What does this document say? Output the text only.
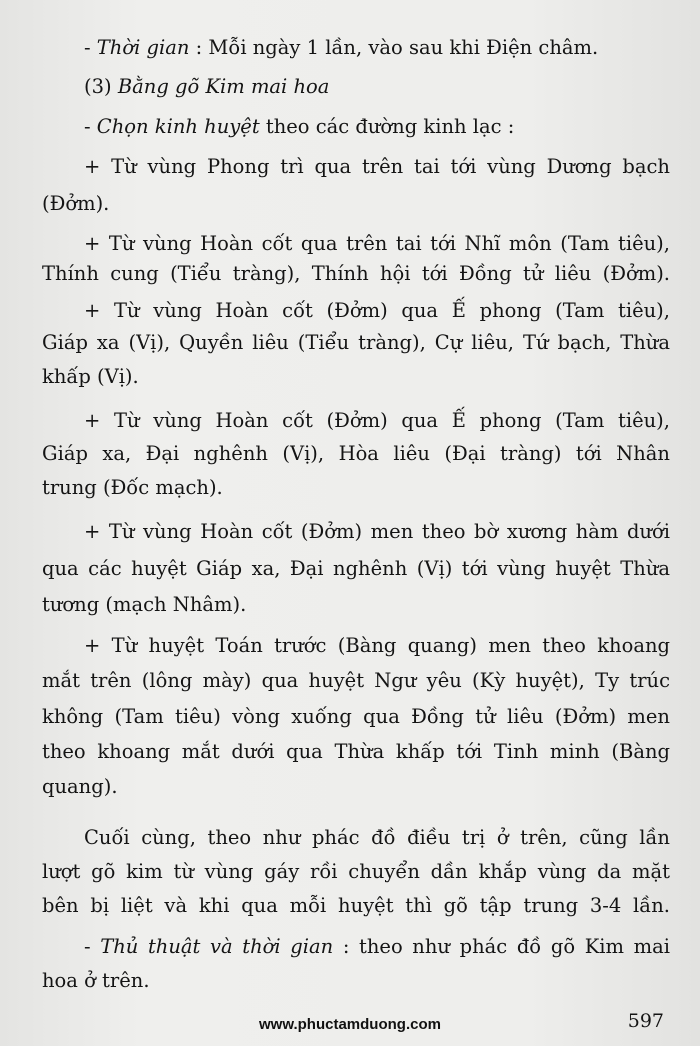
- Thời gian : Mỗi ngày 1 lần, vào sau khi Điện châm.
(3) Bằng gõ Kim mai hoa
- Chọn kinh huyệt theo các đường kinh lạc :
+ Từ vùng Phong trì qua trên tai tới vùng Dương bạch
(Đởm).
+ Từ vùng Hoàn cốt qua trên tai tới Nhĩ môn (Tam tiêu),
Thính cung (Tiểu tràng), Thính hội tới Đồng tử liêu (Đởm).
+ Từ vùng Hoàn cốt (Đởm) qua Ế phong (Tam tiêu),
Giáp xa (Vị), Quyền liêu (Tiểu tràng), Cự liêu, Tứ bạch, Thừa
khấp (Vị).
+ Từ vùng Hoàn cốt (Đởm) qua Ế phong (Tam tiêu),
Giáp xa, Đại nghênh (Vị), Hòa liêu (Đại tràng) tới Nhân
trung (Đốc mạch).
+ Từ vùng Hoàn cốt (Đởm) men theo bờ xương hàm dưới
qua các huyệt Giáp xa, Đại nghênh (Vị) tới vùng huyệt Thừa
tương (mạch Nhâm).
+ Từ huyệt Toán trước (Bàng quang) men theo khoang
mắt trên (lông mày) qua huyệt Ngư yêu (Kỳ huyệt), Ty trúc
không (Tam tiêu) vòng xuống qua Đồng tử liêu (Đởm) men
theo khoang mắt dưới qua Thừa khấp tới Tinh minh (Bàng
quang).
Cuối cùng, theo như phác đồ điều trị ở trên, cũng lần
lượt gõ kim từ vùng gáy rồi chuyển dần khắp vùng da mặt
bên bị liệt và khi qua mỗi huyệt thì gõ tập trung 3-4 lần.
- Thủ thuật và thời gian : theo như phác đồ gõ Kim mai
hoa ở trên.
www.phuctamduong.com	597
